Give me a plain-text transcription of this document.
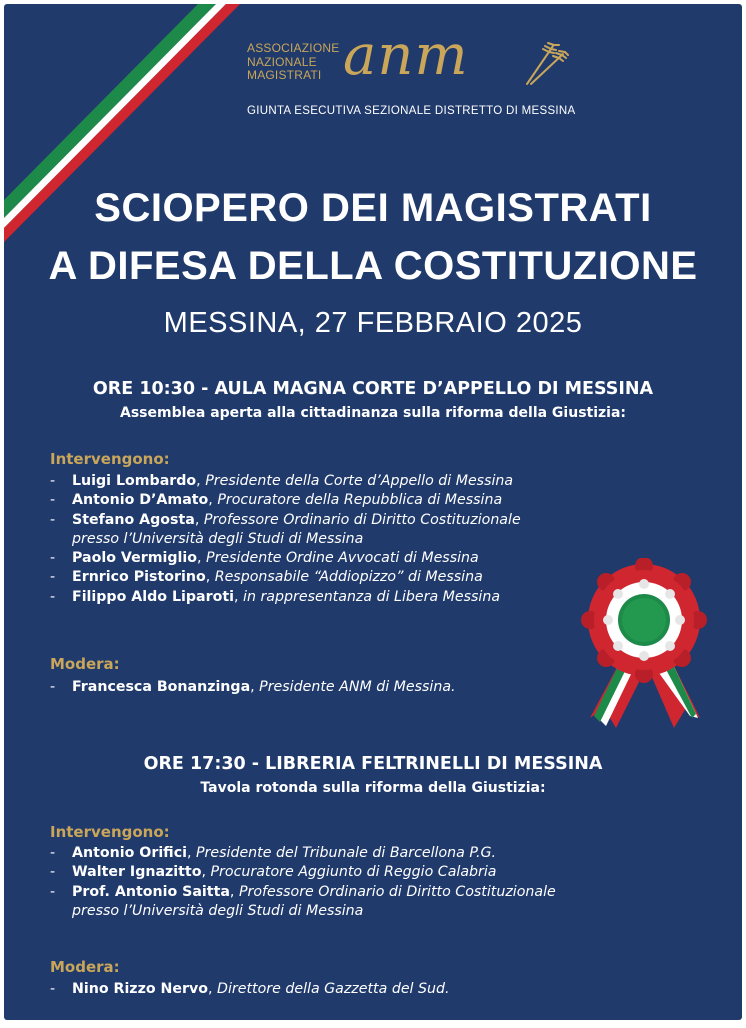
ASSOCIAZIONE
NAZIONALE
MAGISTRATI anm
GIUNTA ESECUTIVA SEZIONALE DISTRETTO DI MESSINA
SCIOPERO DEI MAGISTRATI
A DIFESA DELLA COSTITUZIONE
MESSINA, 27 FEBBRAIO 2025
ORE 10:30 - AULA MAGNA CORTE D’APPELLO DI MESSINA
Assemblea aperta alla cittadinanza sulla riforma della Giustizia:
Intervengono:
- Luigi Lombardo, Presidente della Corte d’Appello di Messina
- Antonio D’Amato, Procuratore della Repubblica di Messina
- Stefano Agosta, Professore Ordinario di Diritto Costituzionale
presso l’Università degli Studi di Messina
- Paolo Vermiglio, Presidente Ordine Avvocati di Messina
- Ernrico Pistorino, Responsabile “Addiopizzo” di Messina
- Filippo Aldo Liparoti, in rappresentanza di Libera Messina
Modera:
- Francesca Bonanzinga, Presidente ANM di Messina.
ORE 17:30 - LIBRERIA FELTRINELLI DI MESSINA
Tavola rotonda sulla riforma della Giustizia:
Intervengono:
- Antonio Orifici, Presidente del Tribunale di Barcellona P.G.
- Walter Ignazitto, Procuratore Aggiunto di Reggio Calabria
- Prof. Antonio Saitta, Professore Ordinario di Diritto Costituzionale
presso l’Università degli Studi di Messina
Modera:
- Nino Rizzo Nervo, Direttore della Gazzetta del Sud.
